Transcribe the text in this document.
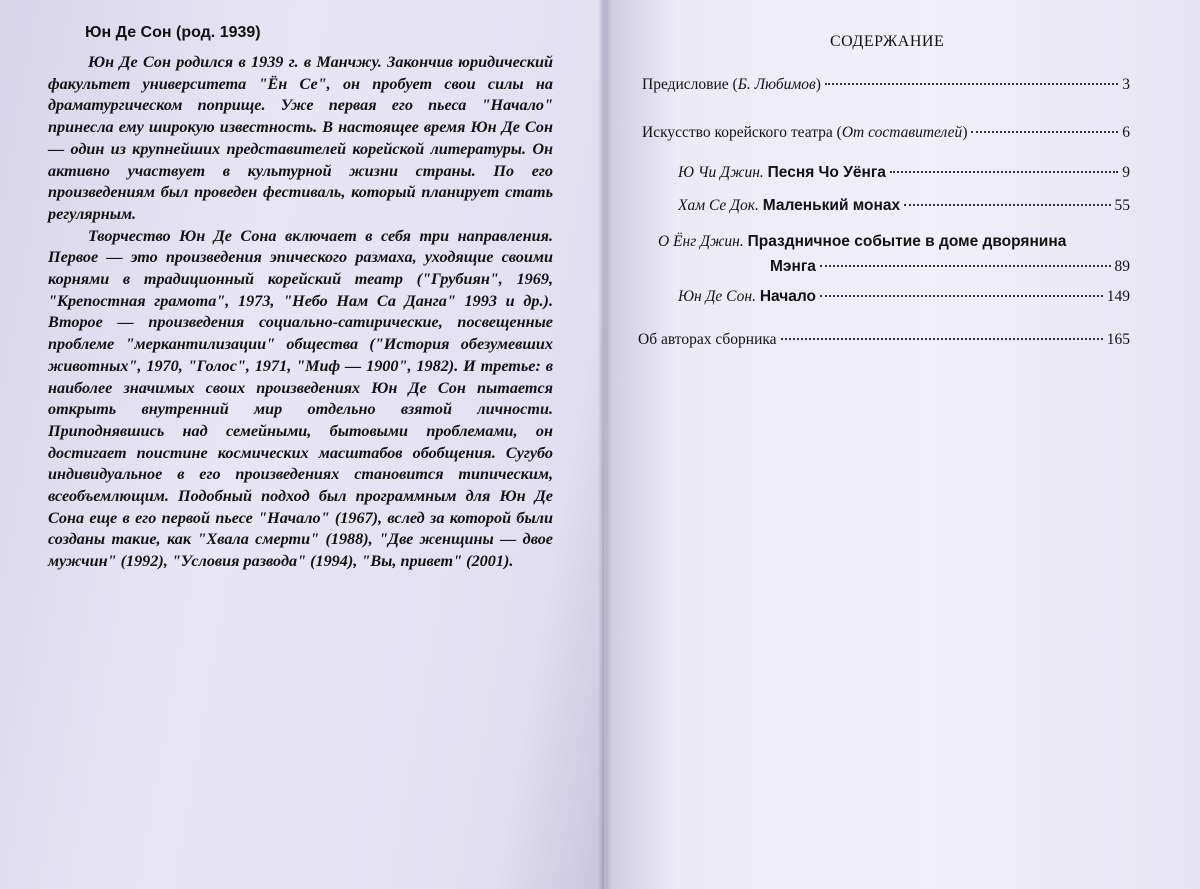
Юн Де Сон (род. 1939)

Юн Де Сон родился в 1939 г. в Манчжу. Закончив юридический факультет университета "Ён Се", он пробует свои силы на драматургическом поприще. Уже первая его пьеса "Начало" принесла ему широкую известность. В настоящее время Юн Де Сон — один из крупнейших представителей корейской литературы. Он активно участвует в культурной жизни страны. По его произведениям был проведен фестиваль, который планирует стать регулярным.

Творчество Юн Де Сона включает в себя три направления. Первое — это произведения эпического размаха, уходящие своими корнями в традиционный корейский театр ("Грубиян", 1969, "Крепостная грамота", 1973, "Небо Нам Са Данга" 1993 и др.). Второе — произведения социально-сатирические, посвещенные проблеме "меркантилизации" общества ("История обезумевших животных", 1970, "Голос", 1971, "Миф — 1900", 1982). И третье: в наиболее значимых своих произведениях Юн Де Сон пытается открыть внутренний мир отдельно взятой личности. Приподнявшись над семейными, бытовыми проблемами, он достигает поистине космических масштабов обобщения. Сугубо индивидуальное в его произведениях становится типическим, всеобъемлющим. Подобный подход был программным для Юн Де Сона еще в его первой пьесе "Начало" (1967), вслед за которой были созданы такие, как "Хвала смерти" (1988), "Две женщины — двое мужчин" (1992), "Условия развода" (1994), "Вы, привет" (2001).

СОДЕРЖАНИЕ
Предисловие (Б. Любимов)	3
Искусство корейского театра (От составителей)	6
Ю Чи Джин. Песня Чо Уёнга	9
Хам Се Док. Маленький монах	55
О Ёнг Джин. Праздничное событие в доме дворянина
Мэнга	89
Юн Де Сон. Начало	149
Об авторах сборника	165
